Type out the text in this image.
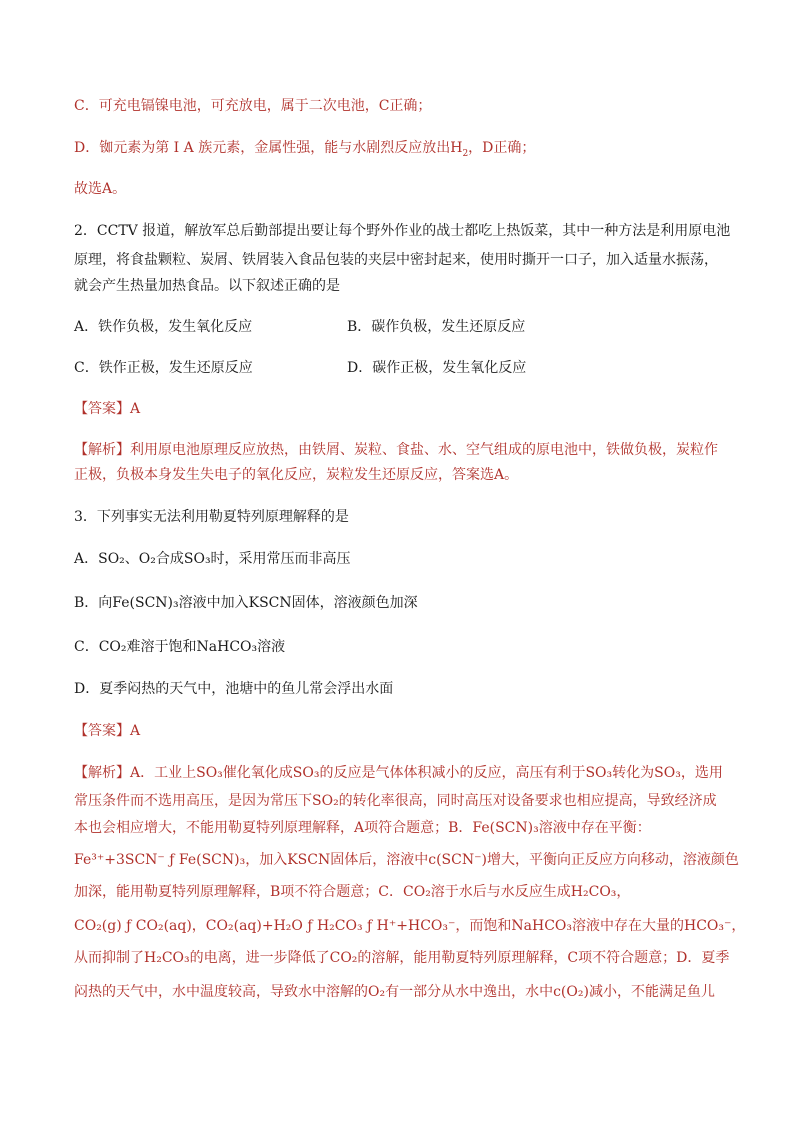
C．可充电镉镍电池，可充放电，属于二次电池，C正确；
D．铷元素为第 I A 族元素，金属性强，能与水剧烈反应放出$H_2$，D正确；
故选A。
2．CCTV 报道，解放军总后勤部提出要让每个野外作业的战士都吃上热饭菜，其中一种方法是利用原电池
原理，将食盐颗粒、炭屑、铁屑装入食品包装的夹层中密封起来，使用时撕开一口子，加入适量水振荡，
就会产生热量加热食品。以下叙述正确的是
A．铁作负极，发生氧化反应	B．碳作负极，发生还原反应
C．铁作正极，发生还原反应	D．碳作正极，发生氧化反应
【答案】A
【解析】利用原电池原理反应放热，由铁屑、炭粒、食盐、水、空气组成的原电池中，铁做负极，炭粒作
正极，负极本身发生失电子的氧化反应，炭粒发生还原反应，答案选A。
3．下列事实无法利用勒夏特列原理解释的是
A．SO₂、O₂合成SO₃时，采用常压而非高压
B．向Fe(SCN)₃溶液中加入KSCN固体，溶液颜色加深
C．CO₂难溶于饱和NaHCO₃溶液
D．夏季闷热的天气中，池塘中的鱼儿常会浮出水面
【答案】A
【解析】A．工业上SO₃催化氧化成SO₃的反应是气体体积减小的反应，高压有利于SO₃转化为SO₃，选用
常压条件而不选用高压，是因为常压下SO₂的转化率很高，同时高压对设备要求也相应提高，导致经济成
本也会相应增大，不能用勒夏特列原理解释，A项符合题意；B．Fe(SCN)₃溶液中存在平衡：
Fe³⁺+3SCN⁻ ƒ Fe(SCN)₃，加入KSCN固体后，溶液中c(SCN⁻)增大，平衡向正反应方向移动，溶液颜色
加深，能用勒夏特列原理解释，B项不符合题意；C．CO₂溶于水后与水反应生成H₂CO₃，
CO₂(g) ƒ CO₂(aq)，CO₂(aq)+H₂O ƒ H₂CO₃ ƒ H⁺+HCO₃⁻，而饱和NaHCO₃溶液中存在大量的HCO₃⁻，
从而抑制了H₂CO₃的电离，进一步降低了CO₂的溶解，能用勒夏特列原理解释，C项不符合题意；D．夏季
闷热的天气中，水中温度较高，导致水中溶解的O₂有一部分从水中逸出，水中c(O₂)减小，不能满足鱼儿
